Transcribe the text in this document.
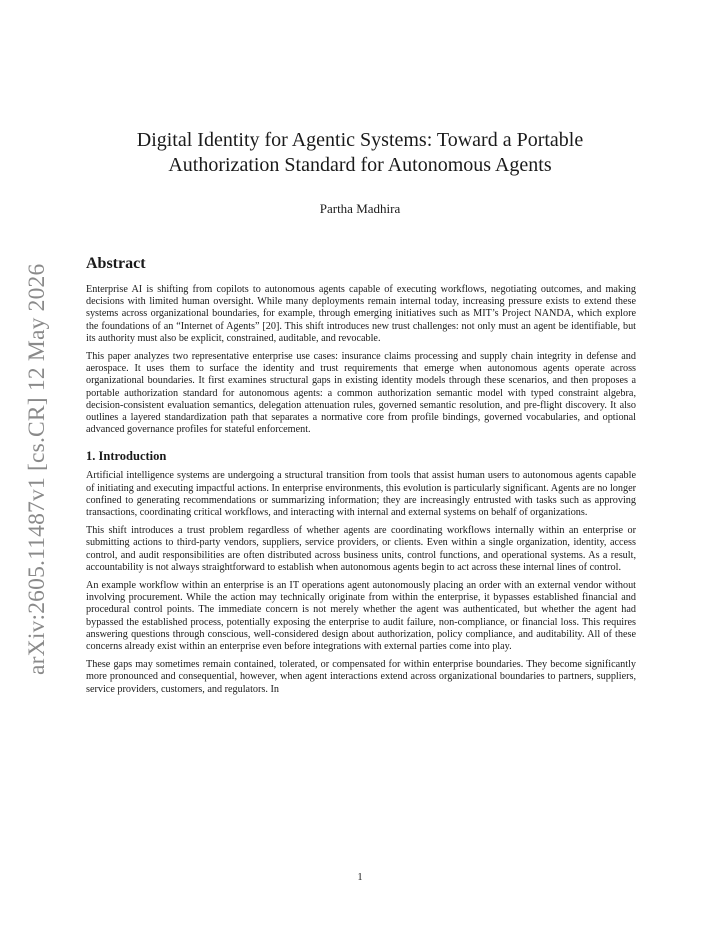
arXiv:2605.11487v1 [cs.CR] 12 May 2026
Digital Identity for Agentic Systems: Toward a Portable
Authorization Standard for Autonomous Agents
Partha Madhira
Abstract

Enterprise AI is shifting from copilots to autonomous agents capable of executing workflows, negotiating outcomes, and making decisions with limited human oversight. While many deployments remain internal today, increasing pressure exists to extend these systems across organizational boundaries, for example, through emerging initiatives such as MIT’s Project NANDA, which explore the foundations of an “Internet of Agents” [20]. This shift introduces new trust challenges: not only must an agent be identifiable, but its authority must also be explicit, constrained, auditable, and revocable.

This paper analyzes two representative enterprise use cases: insurance claims processing and supply chain integrity in defense and aerospace. It uses them to surface the identity and trust requirements that emerge when autonomous agents operate across organizational boundaries. It first examines structural gaps in existing identity models through these scenarios, and then proposes a portable authorization standard for autonomous agents: a common authorization semantic model with typed constraint algebra, decision-consistent evaluation semantics, delegation attenuation rules, governed semantic resolution, and pre-flight discovery. It also outlines a layered standardization path that separates a normative core from profile bindings, governed vocabularies, and optional advanced governance profiles for stateful enforcement.

1. Introduction

Artificial intelligence systems are undergoing a structural transition from tools that assist human users to autonomous agents capable of initiating and executing impactful actions. In enterprise environments, this evolution is particularly significant. Agents are no longer confined to generating recommendations or summarizing information; they are increasingly entrusted with tasks such as approving transactions, coordinating critical workflows, and interacting with internal and external systems on behalf of organizations.

This shift introduces a trust problem regardless of whether agents are coordinating workflows internally within an enterprise or submitting actions to third-party vendors, suppliers, service providers, or clients. Even within a single organization, identity, access control, and audit responsibilities are often distributed across business units, control functions, and operational systems. As a result, accountability is not always straightforward to establish when autonomous agents begin to act across these internal lines of control.

An example workflow within an enterprise is an IT operations agent autonomously placing an order with an external vendor without involving procurement. While the action may technically originate from within the enterprise, it bypasses established financial and procedural control points. The immediate concern is not merely whether the agent was authenticated, but whether the agent had bypassed the established process, potentially exposing the enterprise to audit failure, non-compliance, or financial loss. This requires answering questions through conscious, well-considered design about authorization, policy compliance, and auditability. All of these concerns already exist within an enterprise even before integrations with external parties come into play.

These gaps may sometimes remain contained, tolerated, or compensated for within enterprise boundaries. They become significantly more pronounced and consequential, however, when agent interactions extend across organizational boundaries to partners, suppliers, service providers, customers, and regulators. In

1
